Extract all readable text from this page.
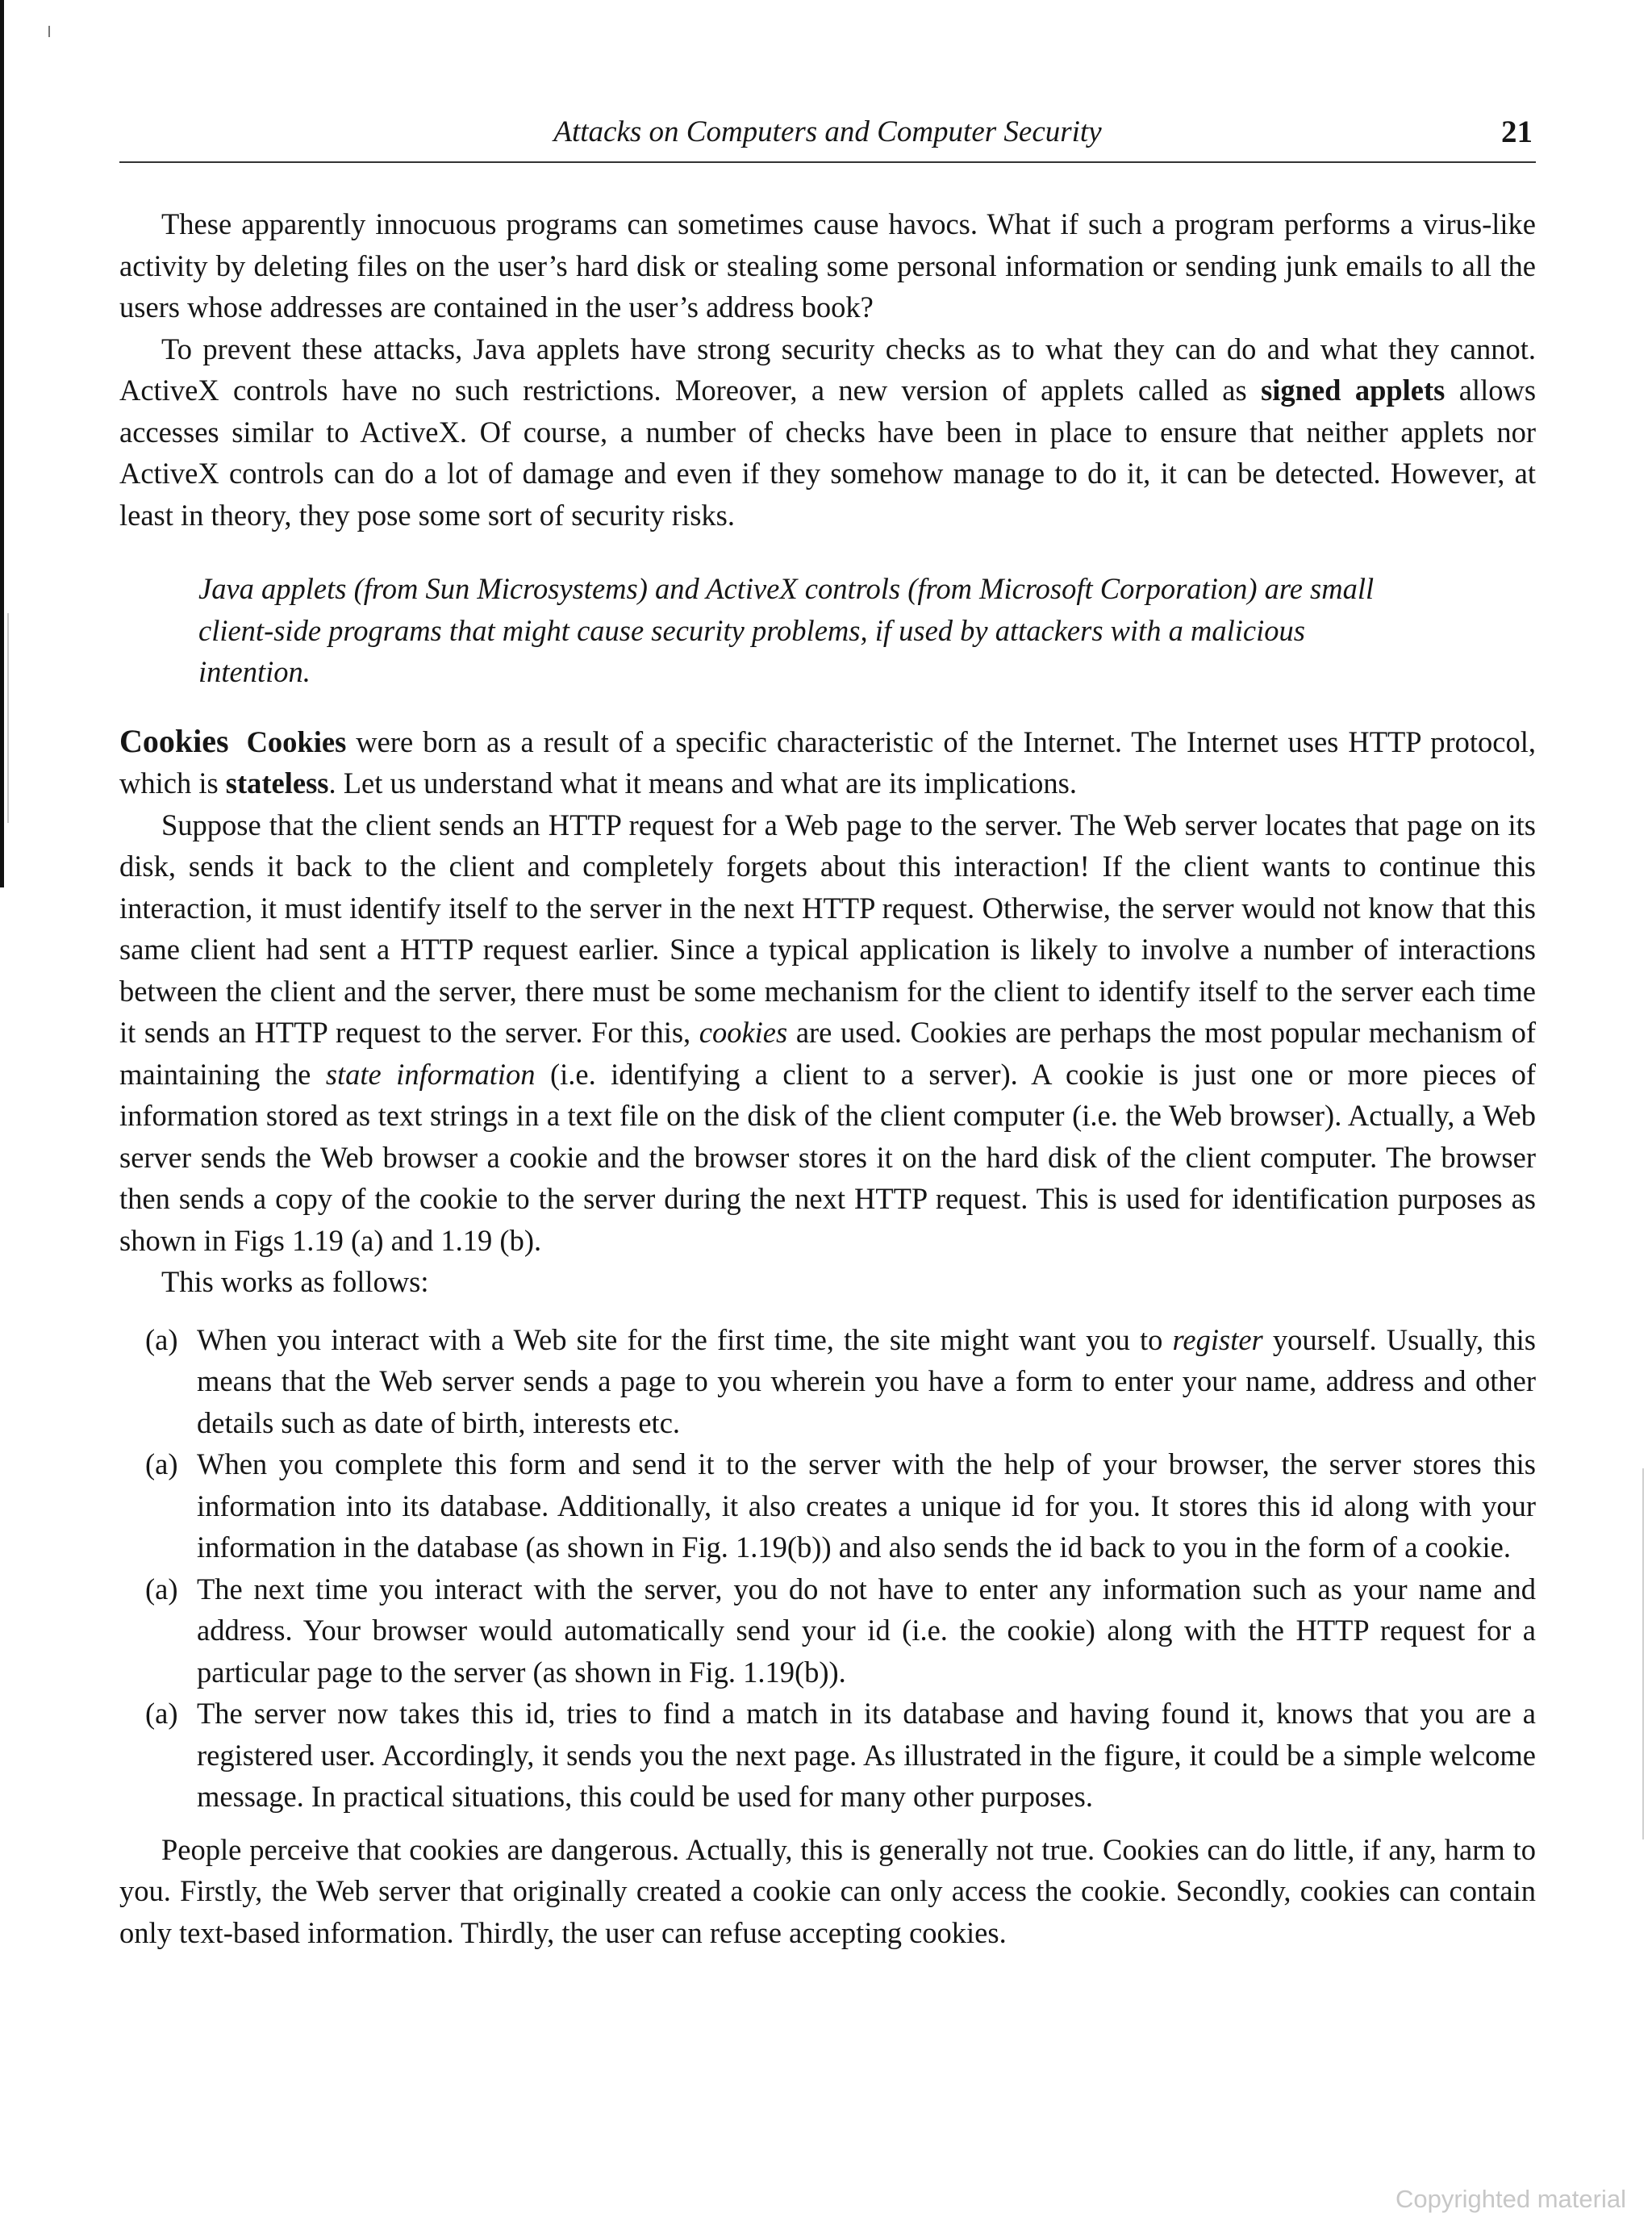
Attacks on Computers and Computer Security	21

These apparently innocuous programs can sometimes cause havocs. What if such a program performs a virus-like activity by deleting files on the user’s hard disk or stealing some personal information or sending junk emails to all the users whose addresses are contained in the user’s address book?

To prevent these attacks, Java applets have strong security checks as to what they can do and what they cannot. ActiveX controls have no such restrictions. Moreover, a new version of applets called as signed applets allows accesses similar to ActiveX. Of course, a number of checks have been in place to ensure that neither applets nor ActiveX controls can do a lot of damage and even if they somehow manage to do it, it can be detected. However, at least in theory, they pose some sort of security risks.

Java applets (from Sun Microsystems) and ActiveX controls (from Microsoft Corporation) are small client-side programs that might cause security problems, if used by attackers with a malicious intention.

Cookies Cookies were born as a result of a specific characteristic of the Internet. The Internet uses HTTP protocol, which is stateless. Let us understand what it means and what are its implications.

Suppose that the client sends an HTTP request for a Web page to the server. The Web server locates that page on its disk, sends it back to the client and completely forgets about this interaction! If the client wants to continue this interaction, it must identify itself to the server in the next HTTP request. Otherwise, the server would not know that this same client had sent a HTTP request earlier. Since a typical application is likely to involve a number of interactions between the client and the server, there must be some mechanism for the client to identify itself to the server each time it sends an HTTP request to the server. For this, cookies are used. Cookies are perhaps the most popular mechanism of maintaining the state information (i.e. identifying a client to a server). A cookie is just one or more pieces of information stored as text strings in a text file on the disk of the client computer (i.e. the Web browser). Actually, a Web server sends the Web browser a cookie and the browser stores it on the hard disk of the client computer. The browser then sends a copy of the cookie to the server during the next HTTP request. This is used for identification purposes as shown in Figs 1.19 (a) and 1.19 (b).

This works as follows:

(a) When you interact with a Web site for the first time, the site might want you to register yourself. Usually, this means that the Web server sends a page to you wherein you have a form to enter your name, address and other details such as date of birth, interests etc.
(a) When you complete this form and send it to the server with the help of your browser, the server stores this information into its database. Additionally, it also creates a unique id for you. It stores this id along with your information in the database (as shown in Fig. 1.19(b)) and also sends the id back to you in the form of a cookie.
(a) The next time you interact with the server, you do not have to enter any information such as your name and address. Your browser would automatically send your id (i.e. the cookie) along with the HTTP request for a particular page to the server (as shown in Fig. 1.19(b)).
(a) The server now takes this id, tries to find a match in its database and having found it, knows that you are a registered user. Accordingly, it sends you the next page. As illustrated in the figure, it could be a simple welcome message. In practical situations, this could be used for many other purposes.

People perceive that cookies are dangerous. Actually, this is generally not true. Cookies can do little, if any, harm to you. Firstly, the Web server that originally created a cookie can only access the cookie. Secondly, cookies can contain only text-based information. Thirdly, the user can refuse accepting cookies.

Copyrighted material
